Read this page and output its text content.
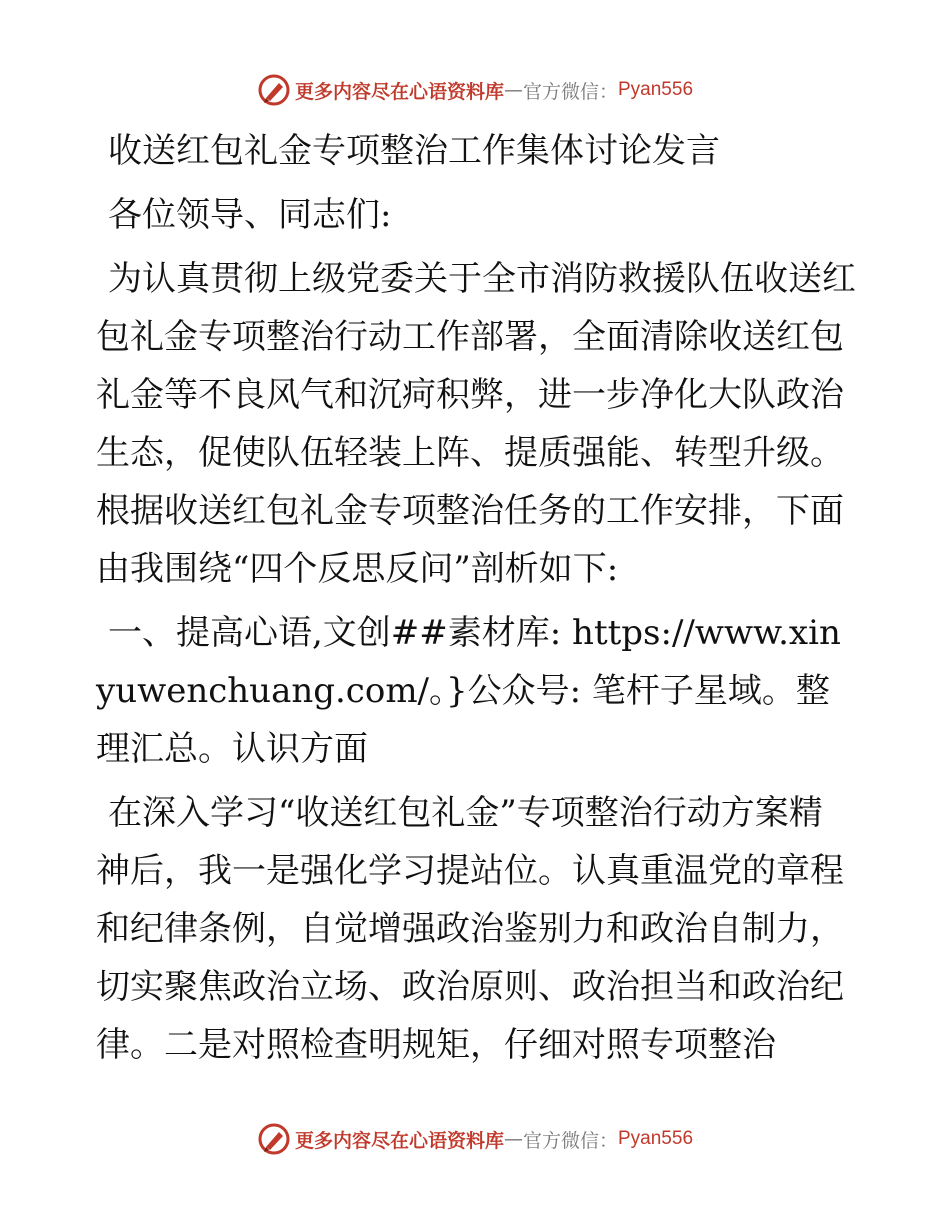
更多内容尽在心语资料库 — 官方微信： Pyan556

收送红包礼金专项整治工作集体讨论发言

各位领导、同志们:

为认真贯彻上级党委关于全市消防救援队伍收送红包礼金专项整治行动工作部署，全面清除收送红包礼金等不良风气和沉疴积弊，进一步净化大队政治生态，促使队伍轻装上阵、提质强能、转型升级。根据收送红包礼金专项整治任务的工作安排，下面由我围绕“四个反思反问”剖析如下:

一、提高心语,文创##素材库: https://www.xinyuwenchuang.com/。}公众号: 笔杆子星域。整理汇总。认识方面

在深入学习“收送红包礼金”专项整治行动方案精神后，我一是强化学习提站位。认真重温党的章程和纪律条例，自觉增强政治鉴别力和政治自制力，切实聚焦政治立场、政治原则、政治担当和政治纪律。二是对照检查明规矩，仔细对照专项整治

更多内容尽在心语资料库 — 官方微信： Pyan556
